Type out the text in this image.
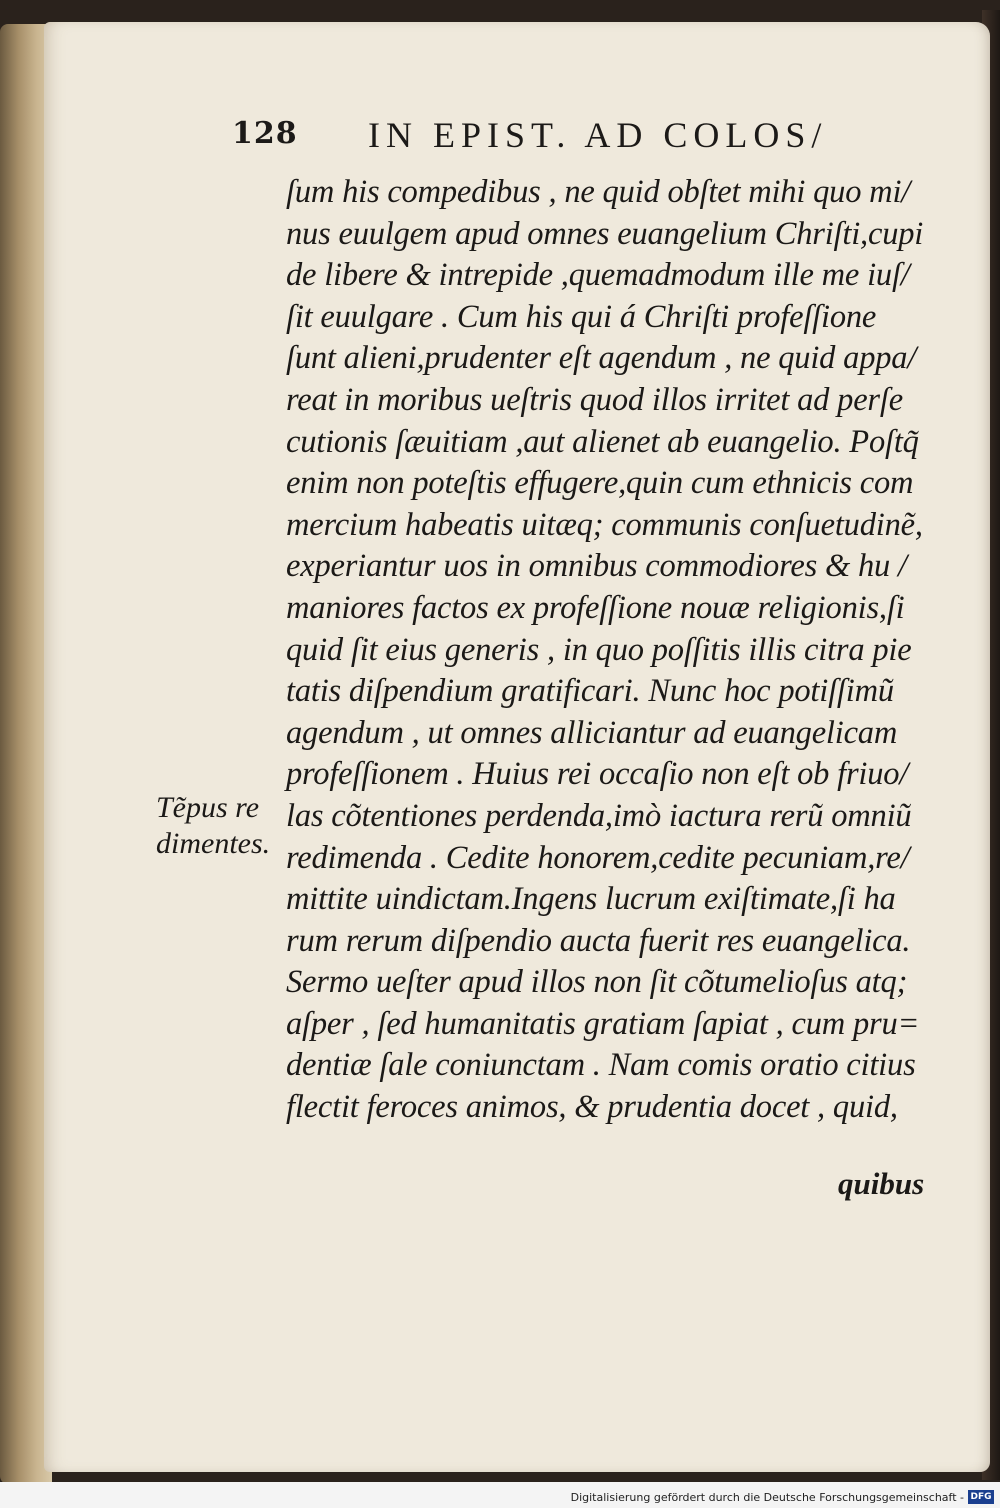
128 IN EPIST. AD COLOS/
ſum his compedibus , ne quid obſtet mihi quo mi/
nus euulgem apud omnes euangelium Chriſti,cupi
de libere & intrepide ,quemadmodum ille me iuſ/
ſit euulgare . Cum his qui á Chriſti profeſſione
ſunt alieni,prudenter eſt agendum , ne quid appa/
reat in moribus ueſtris quod illos irritet ad perſe
cutionis ſæuitiam ,aut alienet ab euangelio. Poſtq̃
enim non poteſtis effugere,quin cum ethnicis com
mercium habeatis uitæq; communis conſuetudinẽ,
experiantur uos in omnibus commodiores & hu /
maniores factos ex profeſſione nouæ religionis,ſi
quid ſit eius generis , in quo poſſitis illis citra pie
tatis diſpendium gratificari. Nunc hoc potiſſimũ
agendum , ut omnes alliciantur ad euangelicam
profeſſionem . Huius rei occaſio non eſt ob friuo/
las cõtentiones perdenda,imò iactura rerũ omniũ
redimenda . Cedite honorem,cedite pecuniam,re/
mittite uindictam.Ingens lucrum exiſtimate,ſi ha
rum rerum diſpendio aucta fuerit res euangelica.
Sermo ueſter apud illos non ſit cõtumelioſus atq;
aſper , ſed humanitatis gratiam ſapiat , cum pru=
dentiæ ſale coniunctam . Nam comis oratio citius
flectit feroces animos, & prudentia docet , quid,
quibus
Tẽpus re
dimentes.
Digitalisierung gefördert durch die Deutsche Forschungsgemeinschaft - DFG
